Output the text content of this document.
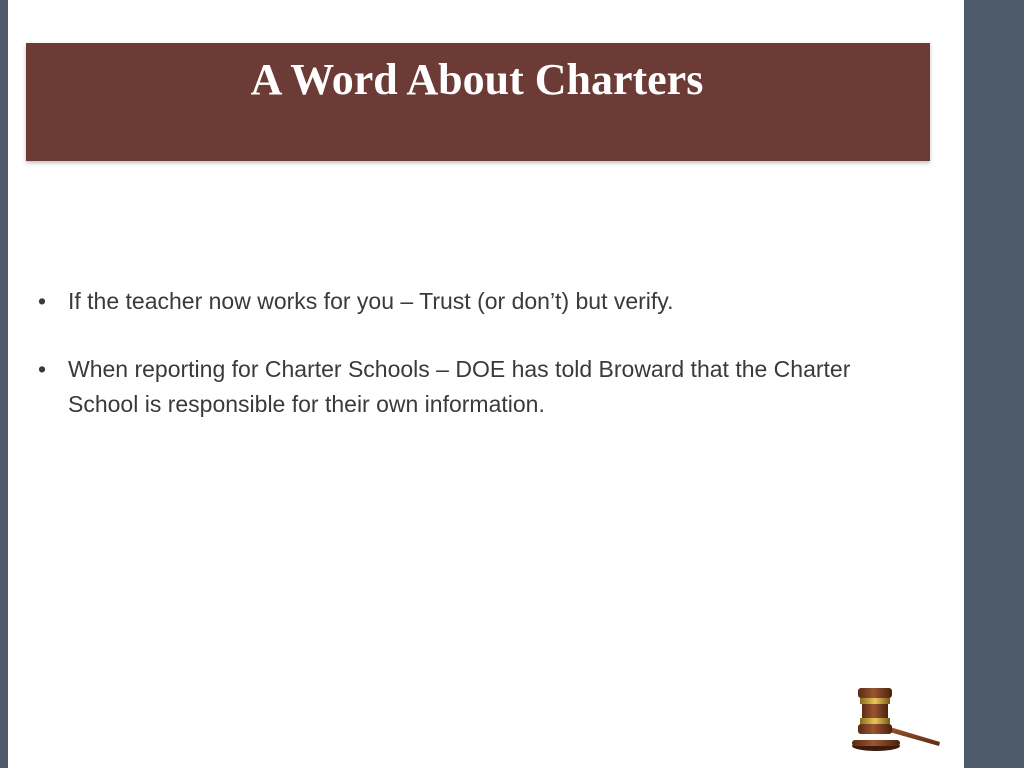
A Word About Charters
• If the teacher now works for you – Trust (or don’t) but verify.
• When reporting for Charter Schools – DOE has told Broward that the Charter School is responsible for their own information.
